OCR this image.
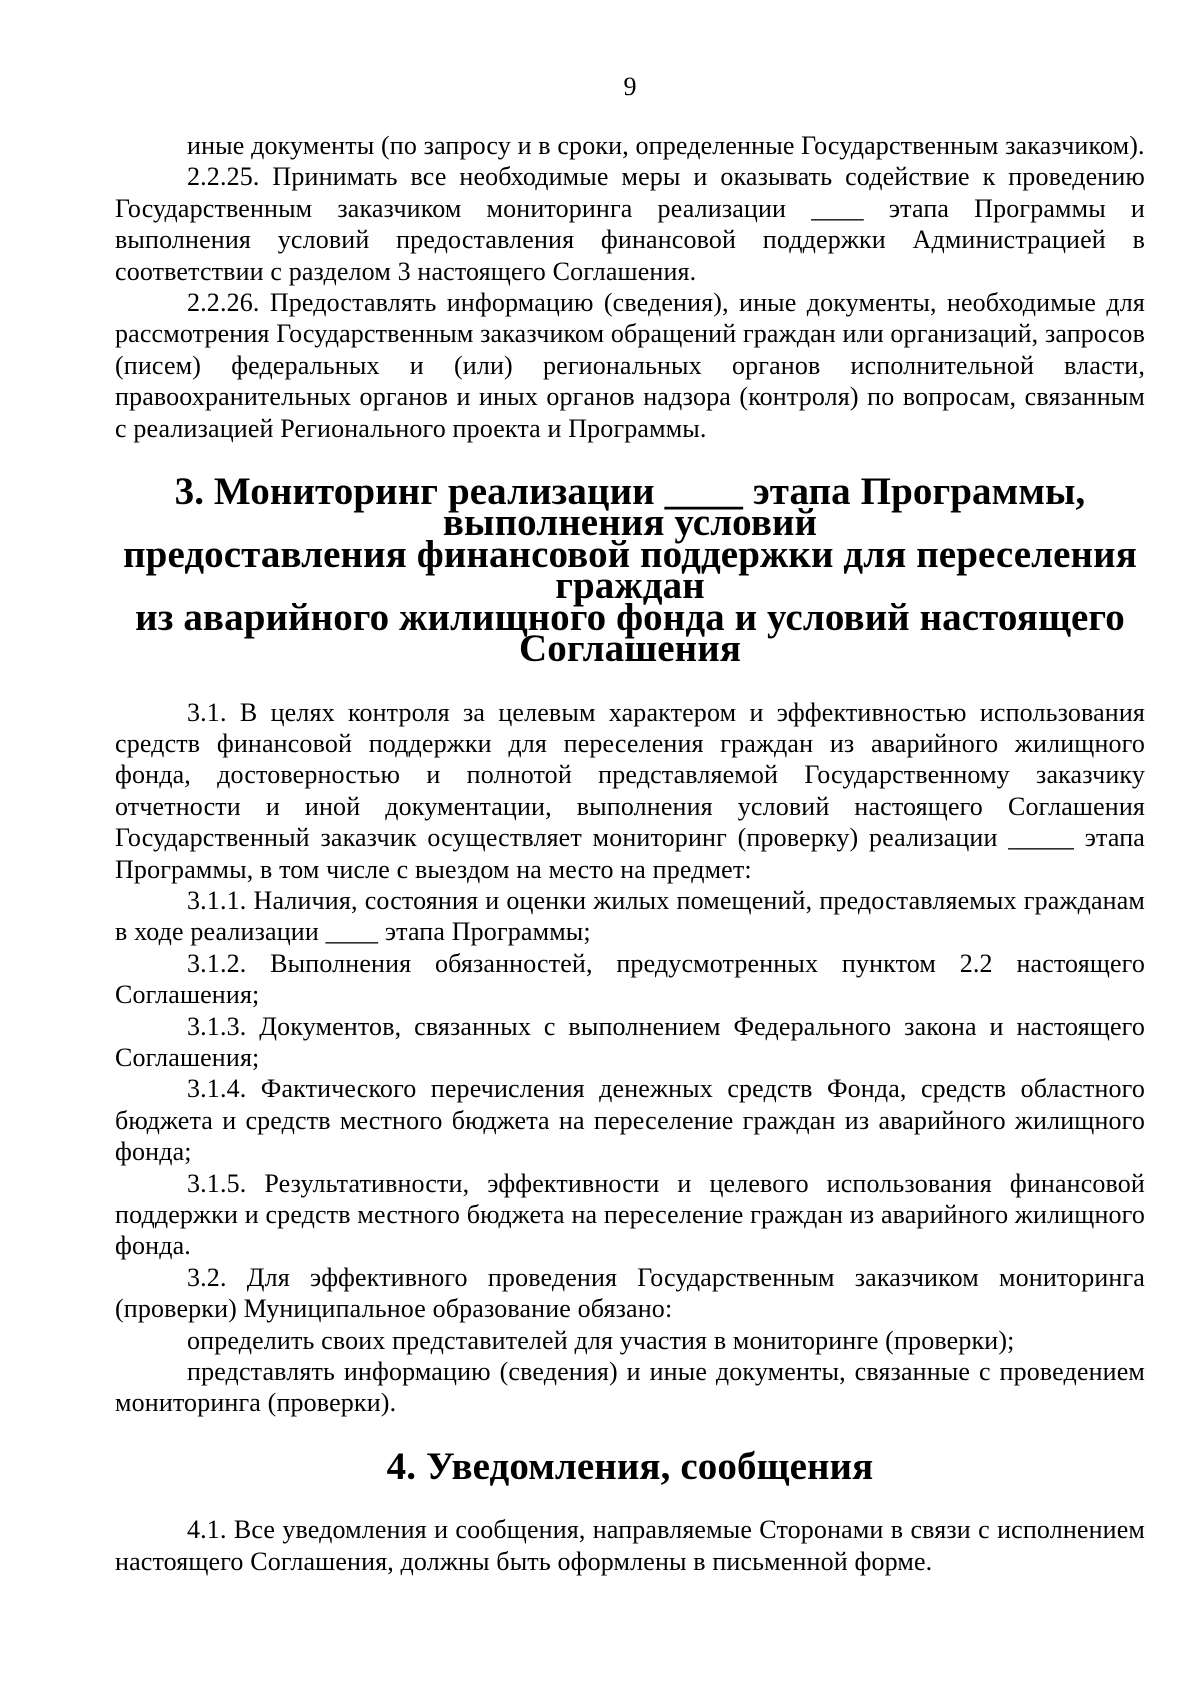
9

иные документы (по запросу и в сроки, определенные Государственным заказчиком).

2.2.25. Принимать все необходимые меры и оказывать содействие к проведению Государственным заказчиком мониторинга реализации ____ этапа Программы и выполнения условий предоставления финансовой поддержки Администрацией в соответствии с разделом 3 настоящего Соглашения.

2.2.26. Предоставлять информацию (сведения), иные документы, необходимые для рассмотрения Государственным заказчиком обращений граждан или организаций, запросов (писем) федеральных и (или) региональных органов исполнительной власти, правоохранительных органов и иных органов надзора (контроля) по вопросам, связанным с реализацией Регионального проекта и Программы.

3. Мониторинг реализации ____ этапа Программы, выполнения условий
предоставления финансовой поддержки для переселения граждан
из аварийного жилищного фонда и условий настоящего Соглашения

3.1. В целях контроля за целевым характером и эффективностью использования средств финансовой поддержки для переселения граждан из аварийного жилищного фонда, достоверностью и полнотой представляемой Государственному заказчику отчетности и иной документации, выполнения условий настоящего Соглашения Государственный заказчик осуществляет мониторинг (проверку) реализации _____ этапа Программы, в том числе с выездом на место на предмет:

3.1.1. Наличия, состояния и оценки жилых помещений, предоставляемых гражданам в ходе реализации ____ этапа Программы;

3.1.2. Выполнения обязанностей, предусмотренных пунктом 2.2 настоящего Соглашения;

3.1.3. Документов, связанных с выполнением Федерального закона и настоящего Соглашения;

3.1.4. Фактического перечисления денежных средств Фонда, средств областного бюджета и средств местного бюджета на переселение граждан из аварийного жилищного фонда;

3.1.5. Результативности, эффективности и целевого использования финансовой поддержки и средств местного бюджета на переселение граждан из аварийного жилищного фонда.

3.2. Для эффективного проведения Государственным заказчиком мониторинга (проверки) Муниципальное образование обязано:

определить своих представителей для участия в мониторинге (проверки);

представлять информацию (сведения) и иные документы, связанные с проведением мониторинга (проверки).

4. Уведомления, сообщения

4.1. Все уведомления и сообщения, направляемые Сторонами в связи с исполнением настоящего Соглашения, должны быть оформлены в письменной форме.
